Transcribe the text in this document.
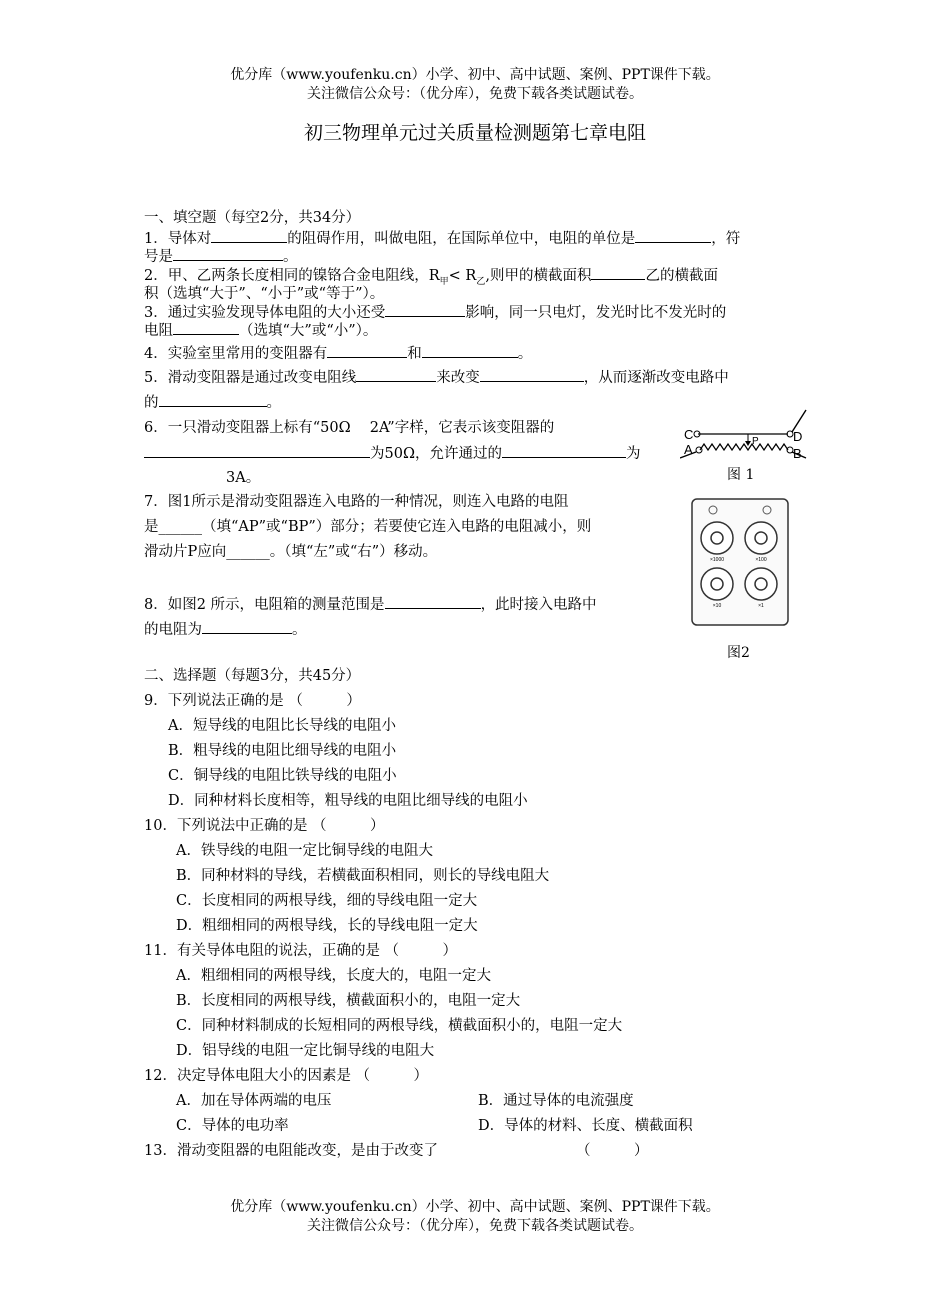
优分库（www.youfenku.cn）小学、初中、高中试题、案例、PPT课件下载。
关注微信公众号：（优分库），免费下载各类试题试卷。
初三物理单元过关质量检测题第七章电阻
一、填空题（每空2分，共34分）
1．导体对	的阻碍作用，叫做电阻，在国际单位中，电阻的单位是	，符
号是	。
2．甲、乙两条长度相同的镍铬合金电阻线，$R_甲< R_乙$,则甲的横截面积	乙的横截面
积（选填“大于”、“小于”或“等于”）。
3．通过实验发现导体电阻的大小还受	影响，同一只电灯，发光时比不发光时的
电阻	（选填“大”或“小”）。
4．实验室里常用的变阻器有	和	。
5．滑动变阻器是通过改变电阻线	来改变	，从而逐渐改变电路中
的	。
6．一只滑动变阻器上标有“50Ω　 2A”字样，它表示该变阻器的
为50Ω，允许通过的	为
3A。
7．图1所示是滑动变阻器连入电路的一种情况，则连入电路的电阻
是______（填“AP”或“BP”）部分；若要使它连入电路的电阻减小，则
滑动片P应向______。（填“左”或“右”）移动。
8．如图2 所示，电阻箱的测量范围是	，此时接入电路中
的电阻为	。
C	D
A	B
P
图 1
×1000	×100
×10	×1
图2
二、选择题（每题3分，共45分）
9．下列说法正确的是 （　　　）
A．短导线的电阻比长导线的电阻小
B．粗导线的电阻比细导线的电阻小
C．铜导线的电阻比铁导线的电阻小
D．同种材料长度相等，粗导线的电阻比细导线的电阻小
10．下列说法中正确的是 （　　　）
A．铁导线的电阻一定比铜导线的电阻大
B．同种材料的导线，若横截面积相同，则长的导线电阻大
C．长度相同的两根导线，细的导线电阻一定大
D．粗细相同的两根导线，长的导线电阻一定大
11．有关导体电阻的说法，正确的是 （　　　）
A．粗细相同的两根导线，长度大的，电阻一定大
B．长度相同的两根导线，横截面积小的，电阻一定大
C．同种材料制成的长短相同的两根导线，横截面积小的，电阻一定大
D．铝导线的电阻一定比铜导线的电阻大
12．决定导体电阻大小的因素是 （　　　）
A．加在导体两端的电压	B．通过导体的电流强度
C．导体的电功率	D．导体的材料、长度、横截面积
13．滑动变阻器的电阻能改变，是由于改变了	（　　　）
优分库（www.youfenku.cn）小学、初中、高中试题、案例、PPT课件下载。
关注微信公众号：（优分库），免费下载各类试题试卷。
